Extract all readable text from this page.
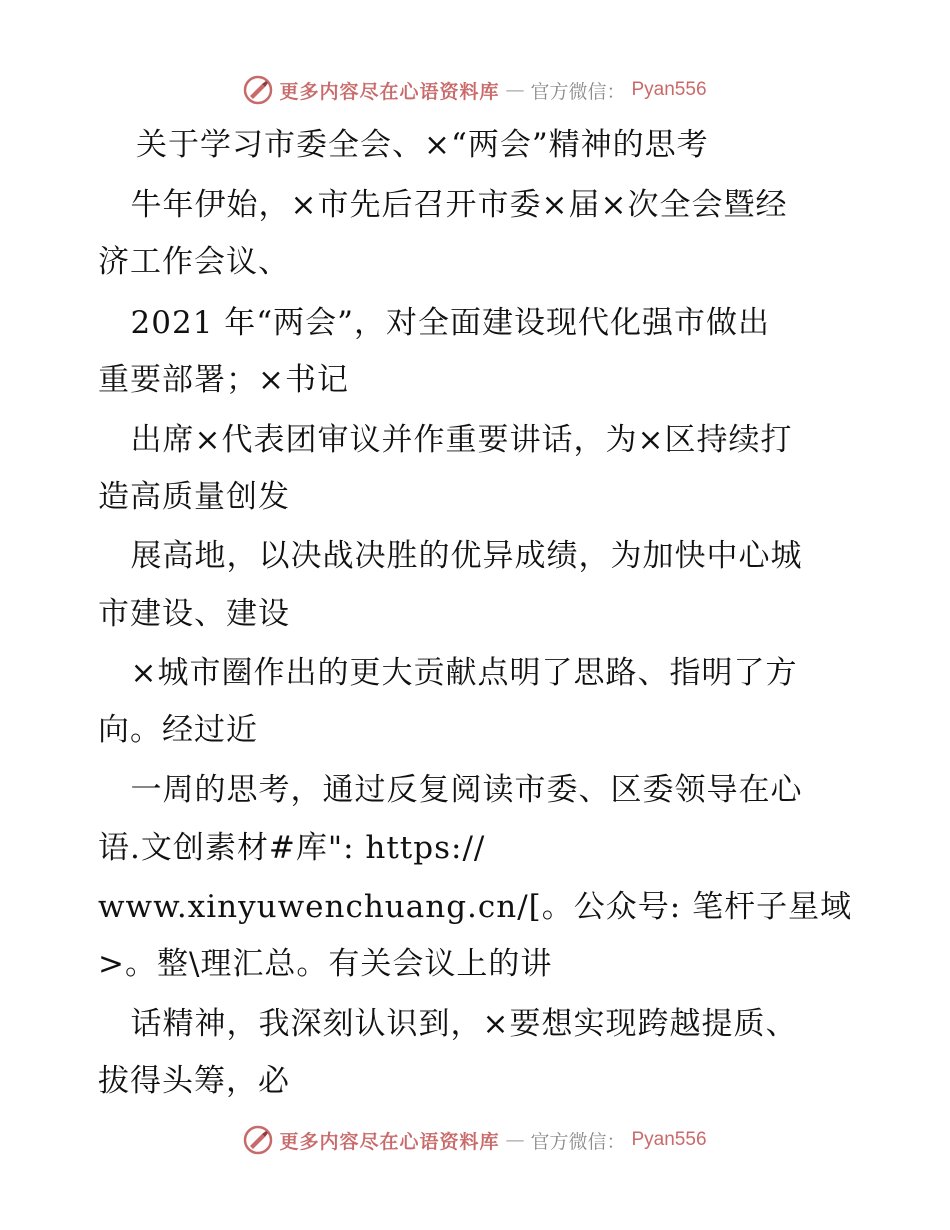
更多内容尽在心语资料库 — 官方微信： Pyan556
关于学习市委全会、×“两会”精神的思考
牛年伊始，×市先后召开市委×届×次全会暨经
济工作会议、
2021 年“两会”，对全面建设现代化强市做出
重要部署；×书记
出席×代表团审议并作重要讲话，为×区持续打
造高质量创发
展高地，以决战决胜的优异成绩，为加快中心城
市建设、建设
×城市圈作出的更大贡献点明了思路、指明了方
向。经过近
一周的思考，通过反复阅读市委、区委领导在心
语.文创素材#库": https://
www.xinyuwenchuang.cn/[。公众号: 笔杆子星域
>。整\理汇总。有关会议上的讲
话精神，我深刻认识到，×要想实现跨越提质、
拔得头筹，必
更多内容尽在心语资料库 — 官方微信： Pyan556
